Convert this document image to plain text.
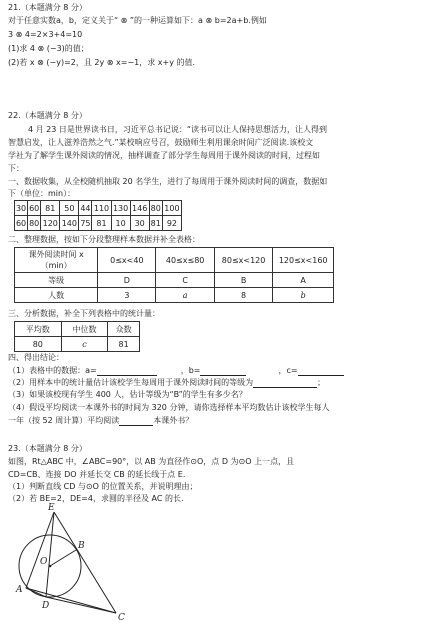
21.（本题满分 8 分）
对于任意实数a，b，定义关于“ ⊗ ”的一种运算如下：a ⊗ b=2a+b.例如
3 ⊗ 4=2×3+4=10
(1)求 4 ⊗ (−3)的值；
(2)若 x ⊗ (−y)=2，且 2y ⊗ x=−1，求 x+y 的值.
22.（本题满分 8 分）
4 月 23 日是世界读书日，习近平总书记说：“读书可以让人保持思想活力，让人得到
智慧启发，让人滋养浩然之气.”某校响应号召，鼓励师生利用课余时间广泛阅读.该校文
学社为了解学生课外阅读的情况，抽样调查了部分学生每周用于课外阅读的时间，过程如
下：
一、数据收集，从全校随机抽取 20 名学生，进行了每周用于课外阅读时间的调查，数据如
下（单位：min）：
30	60	81	50	44	110	130	146	80	100
60	80	120	140	75	81	10	30	81	92
二、整理数据，按如下分段整理样本数据并补全表格：
课外阅读时间 x（min）	0≤x<40	40≤x≤80	80≤x<120	120≤x<160
等级	D	C	B	A
人数	3	a	8	b
三、分析数据，补全下列表格中的统计量：
平均数	中位数	众数
80	c	81
四、得出结论：
（1）表格中的数据：a=	，b=	，c=
（2）用样本中的统计量估计该校学生每周用于课外阅读时间的等级为	；
（3）如果该校现有学生 400 人，估计等级为“B”的学生有多少名？
（4）假设平均阅读一本课外书的时间为 320 分钟，请你选择样本平均数估计该校学生每人
一年（按 52 周计算）平均阅读	本课外书？
23.（本题满分 8 分）
如图，Rt△ABC 中，∠ABC=90°，以 AB 为直径作⊙O，点 D 为⊙O 上一点，且
CD=CB、连接 DO 并延长交 CB 的延长线于点 E.
（1）判断直线 CD 与⊙O 的位置关系，并说明理由；
（2）若 BE=2，DE=4，求圆的半径及 AC 的长.
E
B
O
A
D
C
